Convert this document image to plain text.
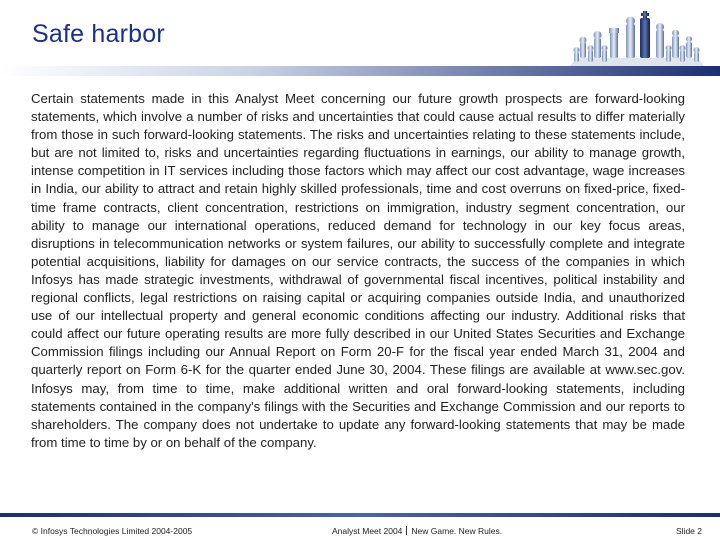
Safe harbor
Certain statements made in this Analyst Meet concerning our future growth prospects are forward-looking statements, which involve a number of risks and uncertainties that could cause actual results to differ materially from those in such forward-looking statements. The risks and uncertainties relating to these statements include, but are not limited to, risks and uncertainties regarding fluctuations in earnings, our ability to manage growth, intense competition in IT services including those factors which may affect our cost advantage, wage increases in India, our ability to attract and retain highly skilled professionals, time and cost overruns on fixed-price, fixed-time frame contracts, client concentration, restrictions on immigration, industry segment concentration, our ability to manage our international operations, reduced demand for technology in our key focus areas, disruptions in telecommunication networks or system failures, our ability to successfully complete and integrate potential acquisitions, liability for damages on our service contracts, the success of the companies in which Infosys has made strategic investments, withdrawal of governmental fiscal incentives, political instability and regional conflicts, legal restrictions on raising capital or acquiring companies outside India, and unauthorized use of our intellectual property and general economic conditions affecting our industry. Additional risks that could affect our future operating results are more fully described in our United States Securities and Exchange Commission filings including our Annual Report on Form 20-F for the fiscal year ended March 31, 2004 and quarterly report on Form 6-K for the quarter ended June 30, 2004. These filings are available at www.sec.gov. Infosys may, from time to time, make additional written and oral forward-looking statements, including statements contained in the company's filings with the Securities and Exchange Commission and our reports to shareholders. The company does not undertake to update any forward-looking statements that may be made from time to time by or on behalf of the company.
© Infosys Technologies Limited 2004-2005	Analyst Meet 2004 New Game. New Rules.	Slide 2
